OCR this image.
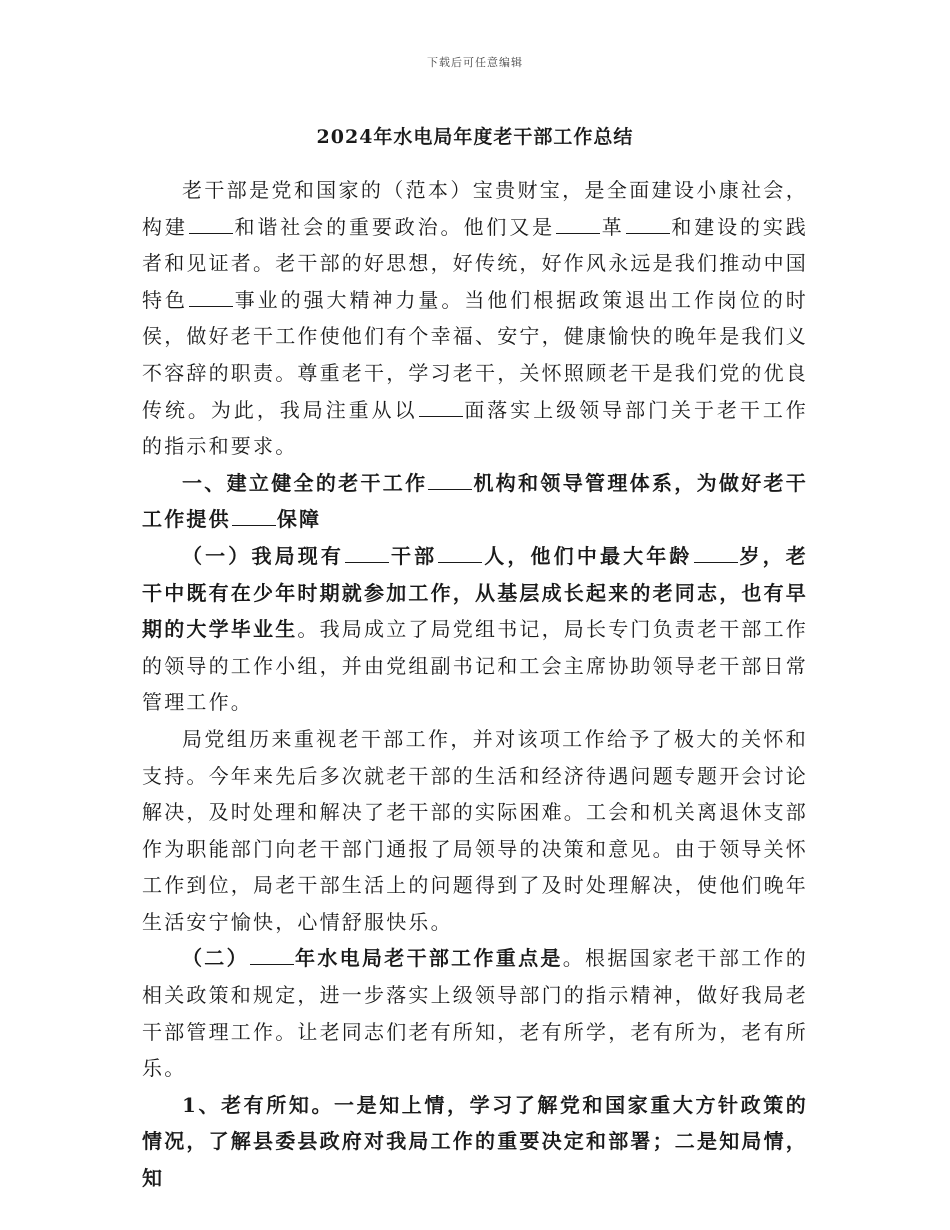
下载后可任意编辑
2024年水电局年度老干部工作总结

老干部是党和国家的（范本）宝贵财宝，是全面建设小康社会，构建 和谐社会的重要政治。他们又是 革 和建设的实践者和见证者。老干部的好思想，好传统，好作风永远是我们推动中国特色 事业的强大精神力量。当他们根据政策退出工作岗位的时侯，做好老干工作使他们有个幸福、安宁，健康愉快的晚年是我们义不容辞的职责。尊重老干，学习老干，关怀照顾老干是我们党的优良传统。为此，我局注重从以 面落实上级领导部门关于老干工作的指示和要求。

一、建立健全的老干工作 机构和领导管理体系，为做好老干工作提供 保障

（一）我局现有 干部 人，他们中最大年龄 岁，老干中既有在少年时期就参加工作，从基层成长起来的老同志，也有早期的大学毕业生。我局成立了局党组书记，局长专门负责老干部工作的领导的工作小组，并由党组副书记和工会主席协助领导老干部日常管理工作。

局党组历来重视老干部工作，并对该项工作给予了极大的关怀和支持。今年来先后多次就老干部的生活和经济待遇问题专题开会讨论解决，及时处理和解决了老干部的实际困难。工会和机关离退休支部作为职能部门向老干部门通报了局领导的决策和意见。由于领导关怀工作到位，局老干部生活上的问题得到了及时处理解决，使他们晚年生活安宁愉快，心情舒服快乐。

（二） 年水电局老干部工作重点是。根据国家老干部工作的相关政策和规定，进一步落实上级领导部门的指示精神，做好我局老干部管理工作。让老同志们老有所知，老有所学，老有所为，老有所乐。

1、老有所知。一是知上情，学习了解党和国家重大方针政策的情况，了解县委县政府对我局工作的重要决定和部署；二是知局情，知
